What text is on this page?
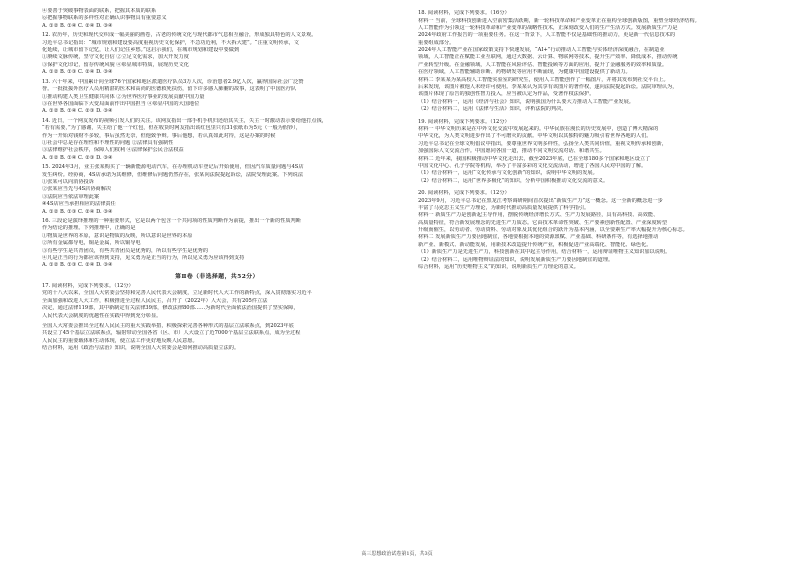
④要善于突破事物表面的联系，把握其本质的联系
⑥把握事物联系的多样性对正确认识事物具有重要意义
A. ①② B. ①④ C. ②④ D. ③④
12. 农历年，历史和现代交织成一幅美丽的画卷，古老的传统文化与现代都市气息相互融合，形成独具特色的人文景观。
习近平总书记指出：“城市规划和建设要高度重视历史文化保护，不急功近利，不大拆大建”。“注重文明传承，文
化延续，让城市留下记忆，让人们记住乡愁。”这启示我们，在城市规划和建设中要做到
①赓续文脉传统，坚守文化自信 ②立足文化需求，加大开发力度
③保护文化印记，留存传统风貌 ④彰显城市特质，展现历史文化
A. ①② B. ①③ C. ②④ D. ③④
13. 六十年来，中国累计向全球76个国家和地区派遣医疗队员3万人次，诊治患者2.9亿人次，赢得国际社会广泛赞
誉。一批批援外医疗人员用精湛的医术和高尚的医德救死扶伤，留下许多感人肺腑的故事，这表明了中国医疗队
①推动构建人类卫生健康共同体 ②为世界医疗事业的发展贡献中国力量
③在世界各国面临下大变局面前作出中国担当 ④彰显中国的大国地位
A. ①② B. ①④ C. ②③ D. ③④
14. 近日，一个网友发布的视频引发人们的关注。该网友指出一部手机手机归还给其失主，失主一时激动表示要给他打点钱，
“若有需要，”为了感谢，失主给了他一个红包，但在收货时网友指出该红包里只有31张纸币为5元（一般为假钞），
作为一开始对钱财不多较，事后虽然无奈，但他致争辩。事后他想，若认真如此对待，这是办案的时候
①社会中总是存在理性和不理性的问题 ②法律具有强制性
③法律维护社会秩序，保障人们权利 ④法律保护公民合法权益
A. ①② B. ①④ C. ②③ D. ③④
15. 2024年3月，业主张某购买了一辆新能源电动汽车，在办理机动车登记后开始使用，但因汽车质量问题与4S店
发生纠纷。经协商，4S店承诺为其维修，但维修后问题仍然存在，张某向法院提起诉讼，法院受理此案。下列说法
①张某可以向消协投诉
②张某应当先与4S店协商解决
③法院应当依法审理此案
④4S店应当承担相应的法律责任
A. ①② B. ①③ C. ②④ D. ③④
16. 三段论是演绎推理的一种重要形式，它是以两个包含一个共同项的性质判断作为前提，推出一个新的性质判断
作为结论的推理。下列推理中，正确的是
①物质是世界的本原，意识是物质的反映，所以意识是世界的本原
②所有金属都导电，铜是金属，所以铜导电
③有些学生是共青团员，有些共青团员是优秀的，所以有些学生是优秀的
④凡是正当的行为都应该得到支持，见义勇为是正当的行为，所以见义勇为应该得到支持
A. ①② B. ①③ C. ②④ D. ③④
第Ⅱ卷（非选择题，共52分）
17. 阅读材料，完成下列要求。（12分）
党的十八大以来，全国人大常委会坚持和完善人民代表大会制度，立足新时代人大工作的新特点，深入贯彻落实习近平
全面加强和改进人大工作，积极推进全过程人民民主，召开了（2022年）人大会，共有205件立法
决定，通过法律119部，其中新制定有关法律39部，修改法律80部……为新时代全面依法治国提供了坚实保障，
人民代表大会制度的优越性在实践中得到充分彰显。
全国人大常委会推出全过程人民民主的重大实践举措，积极探索完善各种形式的基层立法联系点，到2023年底
共设立了45个基层立法联系点，辐射带动全国各省（区、市）人大设立了近7000个基层立法联系点，成为全过程
人民民主的重要载体和生动体现，使立法工作更好地反映人民意愿。
结合材料，运用《政治与法治》知识，说明全国人大常委会是如何推动高质量立法的。
18. 阅读材料，完成下列要求。（16分）
材料一 当前，全球科技创新进入空前密集活跃期，新一轮科技革命和产业变革正在重构全球创新版图，重塑全球经济结构。
人工智能作为引领这一轮科技革命和产业变革的战略性技术，正深刻改变人们的生产生活方式。发展新质生产力是
2024年政府工作报告的一项重要任务。在这一背景下，人工智能不仅是基础性的推动力，更是新一代信息技术的
重要组成部分。
2024年人工智能产业在国家政策支持下快速发展，“AI+”行动推动人工智能与实体经济深度融合，在制造业
领域，人工智能正在赋能工业互联网，通过大数据、云计算、物联网等技术，提升生产效率、降低成本，推动传统
产业转型升级。在金融领域，人工智能在风险评估、智能投顾等方面的应用，提升了金融服务的效率和质量。
在医疗领域，人工智能辅助诊断、药物研发等应用不断涌现，为健康中国建设提供了新动力。
材料二 李某某为某高校人工智能实验室的研究生，使用人工智能创作了一幅图片，并将其发布到社交平台上。
后来发现，该图片被他人未经许可使用。李某某认为其享有该图片的著作权，遂向法院提起诉讼。法院审理认为，
该图片体现了原告的独创性智力投入，应当被认定为作品，受著作权法保护。
（1）结合材料一，运用《经济与社会》知识，说明我国为什么要大力推动人工智能产业发展。
（2）结合材料二，运用《法律与生活》知识，评析法院的判决。
19. 阅读材料，完成下列要求。（12分）
材料一 中华文明历来是在中外文化交流中发展起来的。中华民族在漫长的历史发展中，创造了博大精深的
中华文化，为人类文明进步作出了不可磨灭的贡献。中华文明以其独特的魅力吸引着世界各地的人们。
习近平总书记在全球文明倡议中指出，要尊重世界文明多样性，弘扬全人类共同价值，重视文明传承和创新，
加强国际人文交流合作。中国愿同各国一道，推动不同文明交流对话、和谐共生。
材料二 近年来，我国积极推动中华文化走出去，截至2023年底，已在全球180多个国家和地区设立了
中国文化中心、孔子学院等机构，举办了丰富多彩的文化交流活动，增进了各国人民对中国的了解。
（1）结合材料一，运用“文化传承与文化创新”的知识，说明中华文明的发展。
（2）结合材料二，运用“世界多极化”的知识，分析中国积极推动文化交流的意义。
20. 阅读材料，完成下列要求。（12分）
2023年9月，习近平总书记在黑龙江考察调研期间首次提出“新质生产力”这一概念。这一全新的概念进一步
丰富了马克思主义生产力理论，为新时代推动高质量发展提供了科学指引。
材料一 新质生产力是创新起主导作用，摆脱传统经济增长方式、生产力发展路径，具有高科技、高效能、
高质量特征，符合新发展理念的先进生产力质态。它由技术革命性突破、生产要素创新性配置、产业深度转型
升级而催生，以劳动者、劳动资料、劳动对象及其优化组合的跃升为基本内涵，以全要素生产率大幅提升为核心标志。
材料二 发展新质生产力要因地制宜，各地要根据本地的资源禀赋、产业基础、科研条件等，有选择地推动
新产业、新模式、新动能发展，用新技术改造提升传统产业，积极促进产业高端化、智能化、绿色化。
（1）新质生产力是先进生产力，科技创新在其中起主导作用，结合材料一，运用辩证唯物主义知识加以说明。
（2）结合材料二，运用唯物辩证法的知识，说明发展新质生产力要因地制宜的道理。
综合材料，运用“历史唯物主义”的知识，说明新质生产力理论的意义。
高三思想政治试卷第1页，共3页
